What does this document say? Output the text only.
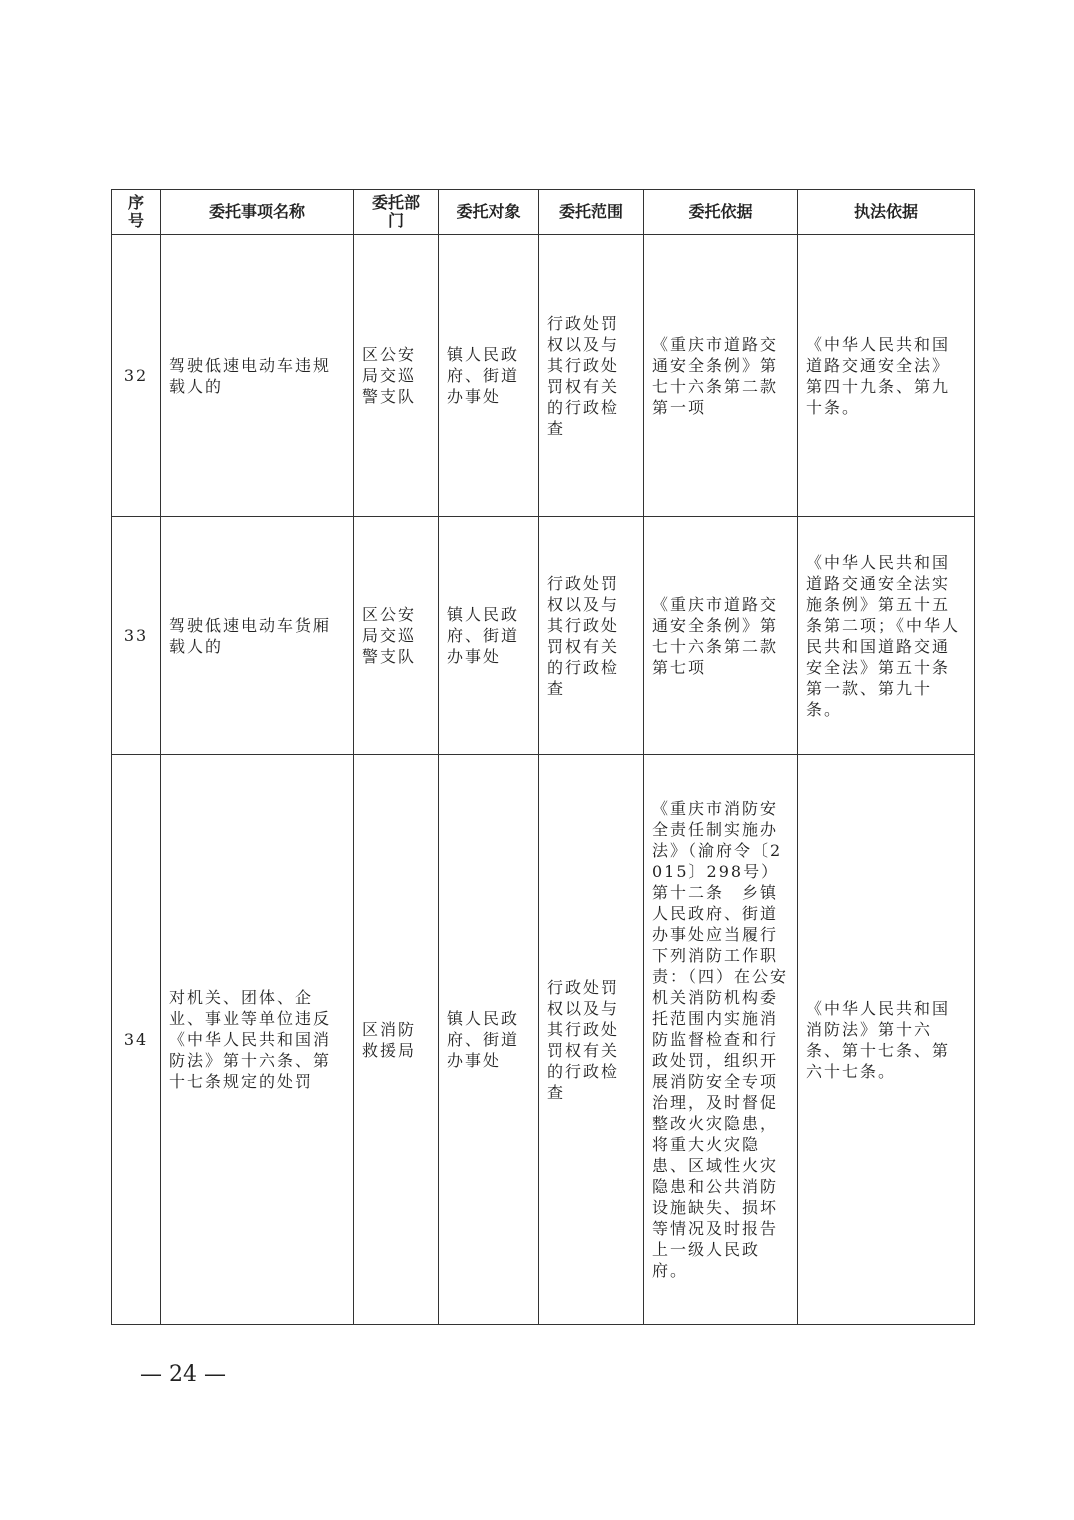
序号	委托事项名称	委托部门	委托对象	委托范围	委托依据	执法依据
32	驾驶低速电动车违规载人的	区公安局交巡警支队	镇人民政府、街道办事处	行政处罚权以及与其行政处罚权有关的行政检查	《重庆市道路交通安全条例》第七十六条第二款第一项	《中华人民共和国道路交通安全法》第四十九条、第九十条。
33	驾驶低速电动车货厢载人的	区公安局交巡警支队	镇人民政府、街道办事处	行政处罚权以及与其行政处罚权有关的行政检查	《重庆市道路交通安全条例》第七十六条第二款第七项	《中华人民共和国道路交通安全法实施条例》第五十五条第二项；《中华人民共和国道路交通安全法》第五十条第一款、第九十条。
34	对机关、团体、企业、事业等单位违反《中华人民共和国消防法》第十六条、第十七条规定的处罚	区消防救援局	镇人民政府、街道办事处	行政处罚权以及与其行政处罚权有关的行政检查	《重庆市消防安全责任制实施办法》（渝府令〔2015〕298号）第十二条　乡镇人民政府、街道办事处应当履行下列消防工作职责：（四）在公安机关消防机构委托范围内实施消防监督检查和行政处罚，组织开展消防安全专项治理，及时督促整改火灾隐患，将重大火灾隐患、区域性火灾隐患和公共消防设施缺失、损坏等情况及时报告上一级人民政府。	《中华人民共和国消防法》第十六条、第十七条、第六十七条。
— 24 —
